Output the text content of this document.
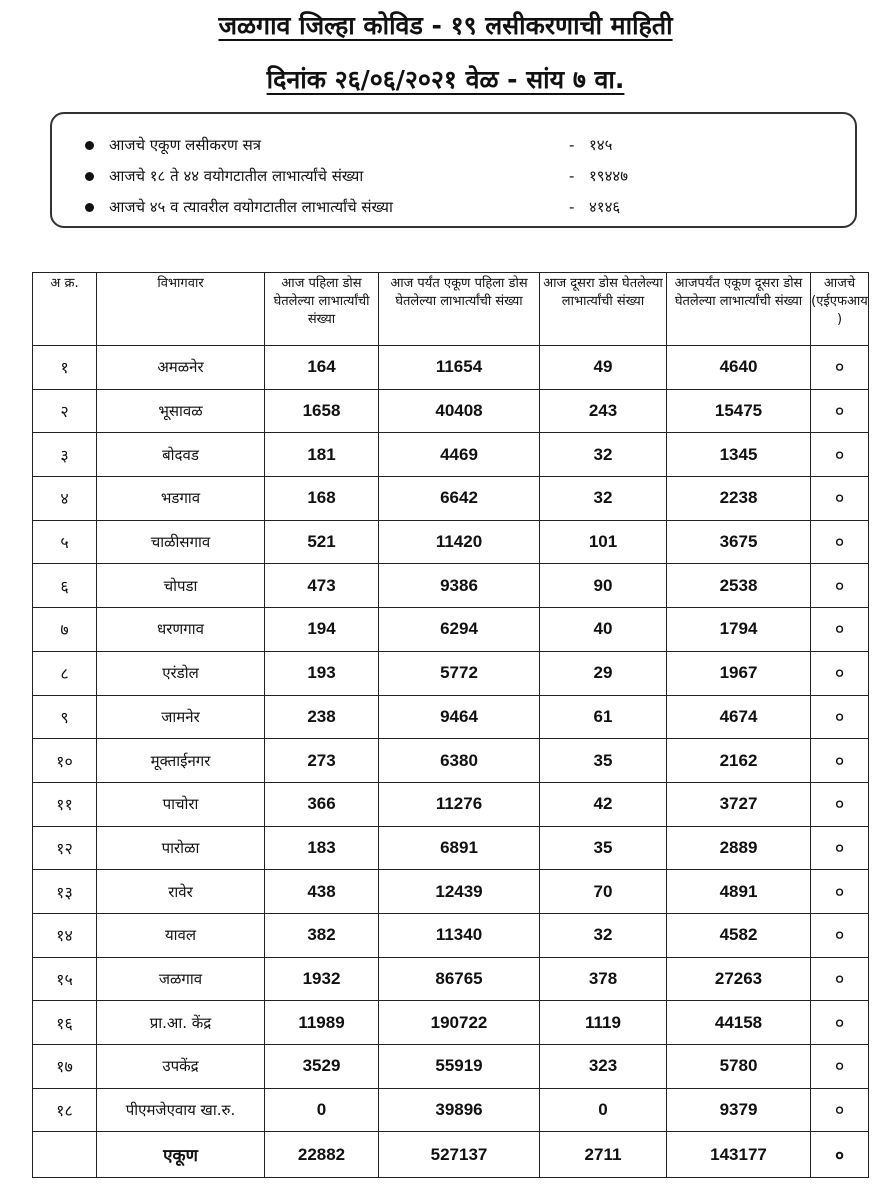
जळगाव जिल्हा कोविड - १९ लसीकरणाची माहिती
दिनांक २६/०६/२०२१ वेळ - सांय ७ वा.
आजचे एकूण लसीकरण सत्र	- १४५
आजचे १८ ते ४४ वयोगटातील लाभार्त्यांचे संख्या	- १९४४७
आजचे ४५ व त्यावरील वयोगटातील लाभार्त्यांचे संख्या	- ४१४६
अ क्र.	विभागवार	आज पहिला डोस घेतलेल्या लाभार्त्यांची संख्या	आज पर्यंत एकूण पहिला डोस घेतलेल्या लाभार्त्यांची संख्या	आज दूसरा डोस घेतलेल्या लाभार्त्यांची संख्या	आजपर्यंत एकूण दूसरा डोस घेतलेल्या लाभार्त्यांची संख्या	आजचे (एईएफआय )
१	अमळनेर	164	11654	49	4640	०
२	भूसावळ	1658	40408	243	15475	०
३	बोदवड	181	4469	32	1345	०
४	भडगाव	168	6642	32	2238	०
५	चाळीसगाव	521	11420	101	3675	०
६	चोपडा	473	9386	90	2538	०
७	धरणगाव	194	6294	40	1794	०
८	एरंडोल	193	5772	29	1967	०
९	जामनेर	238	9464	61	4674	०
१०	मूक्ताईनगर	273	6380	35	2162	०
११	पाचोरा	366	11276	42	3727	०
१२	पारोळा	183	6891	35	2889	०
१३	रावेर	438	12439	70	4891	०
१४	यावल	382	11340	32	4582	०
१५	जळगाव	1932	86765	378	27263	०
१६	प्रा.आ. केंद्र	11989	190722	1119	44158	०
१७	उपकेंद्र	3529	55919	323	5780	०
१८	पीएमजेएवाय खा.रु.	0	39896	0	9379	०
	एकूण	22882	527137	2711	143177	०
